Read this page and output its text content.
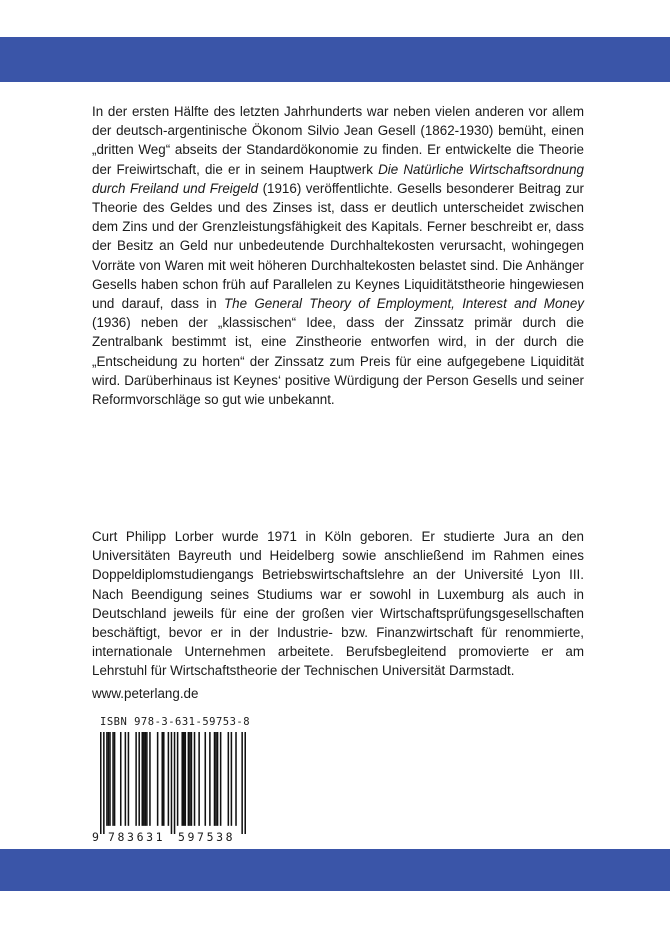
In der ersten Hälfte des letzten Jahrhunderts war neben vielen anderen vor allem der deutsch-argentinische Ökonom Silvio Jean Gesell (1862-1930) bemüht, einen „dritten Weg“ abseits der Standardökonomie zu finden. Er entwickelte die Theorie der Freiwirtschaft, die er in seinem Hauptwerk Die Natürliche Wirtschaftsordnung durch Freiland und Freigeld (1916) veröffentlichte. Gesells besonderer Beitrag zur Theorie des Geldes und des Zinses ist, dass er deutlich unterscheidet zwischen dem Zins und der Grenzleistungsfähigkeit des Kapitals. Ferner beschreibt er, dass der Besitz an Geld nur unbedeutende Durchhaltekosten verursacht, wohingegen Vorräte von Waren mit weit höheren Durchhaltekosten belastet sind. Die Anhänger Gesells haben schon früh auf Parallelen zu Keynes Liquiditätstheorie hingewiesen und darauf, dass in The General Theory of Employment, Interest and Money (1936) neben der „klassischen“ Idee, dass der Zinssatz primär durch die Zentralbank bestimmt ist, eine Zinstheorie entworfen wird, in der durch die „Entscheidung zu horten“ der Zinssatz zum Preis für eine aufgegebene Liquidität wird. Darüberhinaus ist Keynes‘ positive Würdigung der Person Gesells und seiner Reformvorschläge so gut wie unbekannt.

Curt Philipp Lorber wurde 1971 in Köln geboren. Er studierte Jura an den Universitäten Bayreuth und Heidelberg sowie anschließend im Rahmen eines Doppeldiplomstudiengangs Betriebswirtschaftslehre an der Université Lyon III. Nach Beendigung seines Studiums war er sowohl in Luxemburg als auch in Deutschland jeweils für eine der großen vier Wirtschaftsprüfungsgesellschaften beschäftigt, bevor er in der Industrie- bzw. Finanzwirtschaft für renommierte, internationale Unternehmen arbeitete. Berufsbegleitend promovierte er am Lehrstuhl für Wirtschaftstheorie der Technischen Universität Darmstadt.

www.peterlang.de
ISBN 978-3-631-59753-8
9 783631 597538
